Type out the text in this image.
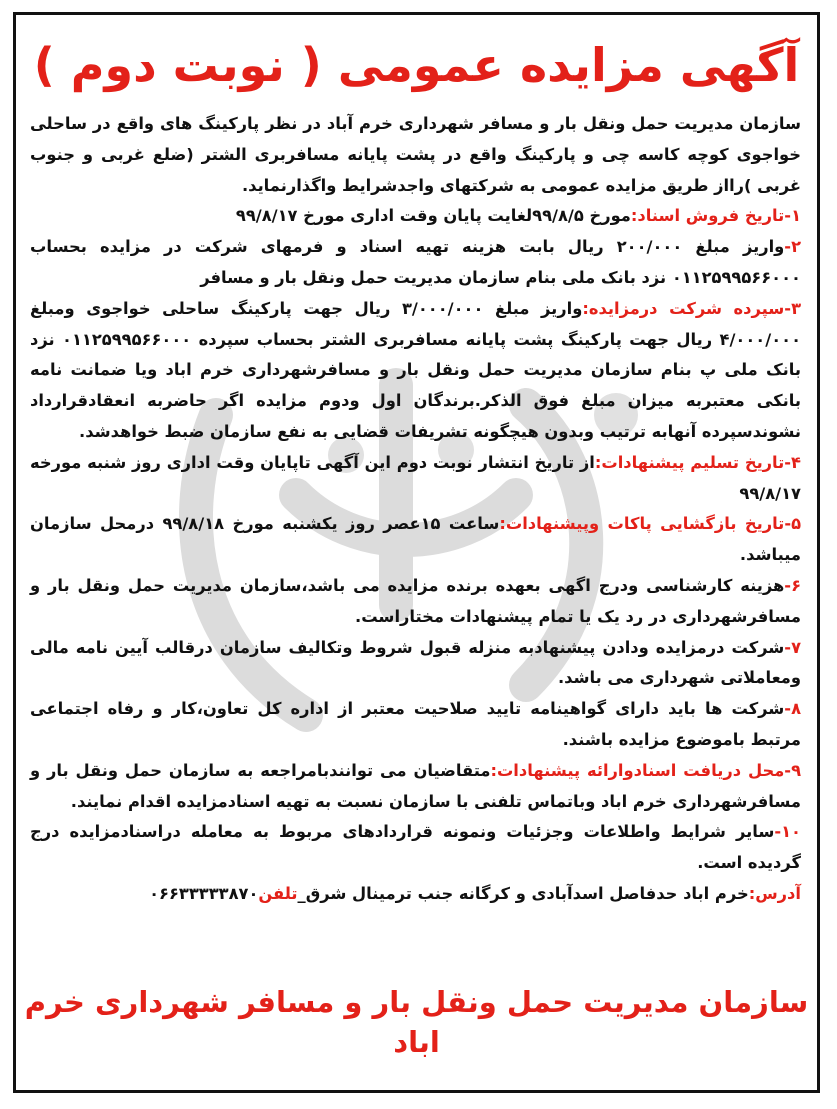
آگهی مزایده عمومی ( نوبت دوم )

سازمان مدیریت حمل ونقل بار و مسافر شهرداری خرم آباد در نظر پارکینگ های واقع در ساحلی خواجوی کوچه کاسه چی و پارکینگ واقع در پشت پایانه مسافربری الشتر (ضلع غربی و جنوب غربی )رااز طریق مزایده عمومی به شرکتهای واجدشرایط واگذارنماید.

۱-تاریخ فروش اسناد:مورخ ۹۹/۸/۵لغایت پایان وقت اداری مورخ ۹۹/۸/۱۷

۲-واریز مبلغ ۲۰۰/۰۰۰ ریال بابت هزینه تهیه اسناد و فرمهای شرکت در مزایده بحساب ۰۱۱۲۵۹۹۵۶۶۰۰۰ نزد بانک ملی بنام سازمان مدیریت حمل ونقل بار و مسافر

۳-سپرده شرکت درمزایده:واریز مبلغ ۳/۰۰۰/۰۰۰ ریال جهت پارکینگ ساحلی خواجوی ومبلغ ۴/۰۰۰/۰۰۰ ریال جهت پارکینگ پشت پایانه مسافربری الشتر بحساب سپرده ۰۱۱۲۵۹۹۵۶۶۰۰۰ نزد بانک ملی پ بنام سازمان مدیریت حمل ونقل بار و مسافرشهرداری خرم اباد ویا ضمانت نامه بانکی معتبربه میزان مبلغ فوق الذکر.برندگان اول ودوم مزایده اگر حاضربه انعقادقرارداد نشوندسپرده آنهابه ترتیب وبدون هیچگونه تشریفات قضایی به نفع سازمان ضبط خواهدشد.

۴-تاریخ تسلیم پیشنهادات:از تاریخ انتشار نوبت دوم این آگهی تاپایان وقت اداری روز شنبه مورخه ۹۹/۸/۱۷

۵-تاریخ بازگشایی پاکات وپیشنهادات:ساعت ۱۵عصر روز یکشنبه مورخ ۹۹/۸/۱۸ درمحل سازمان میباشد.

۶-هزینه کارشناسی ودرج اگهی بعهده برنده مزایده می باشد،سازمان مدیریت حمل ونقل بار و مسافرشهرداری در رد یک یا تمام پیشنهادات مختاراست.

۷-شرکت درمزایده ودادن پیشنهادبه منزله قبول شروط وتکالیف سازمان درقالب آیین نامه مالی ومعاملاتی شهرداری می باشد.

۸-شرکت ها باید دارای گواهینامه تایید صلاحیت معتبر از اداره کل تعاون،کار و رفاه اجتماعی مرتبط باموضوع مزایده باشند.

۹-محل دریافت اسنادوارائه پیشنهادات:متقاضیان می توانندبامراجعه به سازمان حمل ونقل بار و مسافرشهرداری خرم اباد وباتماس تلفنی با سازمان نسبت به تهیه اسنادمزایده اقدام نمایند.

۱۰-سایر شرایط واطلاعات وجزئیات ونمونه قراردادهای مربوط به معامله دراسنادمزایده درج گردیده است.

آدرس:خرم اباد حدفاصل اسدآبادی و کرگانه جنب ترمینال شرق_تلفن۰۶۶۳۳۳۳۳۸۷۰

سازمان مدیریت حمل ونقل بار و مسافر شهرداری خرم اباد
